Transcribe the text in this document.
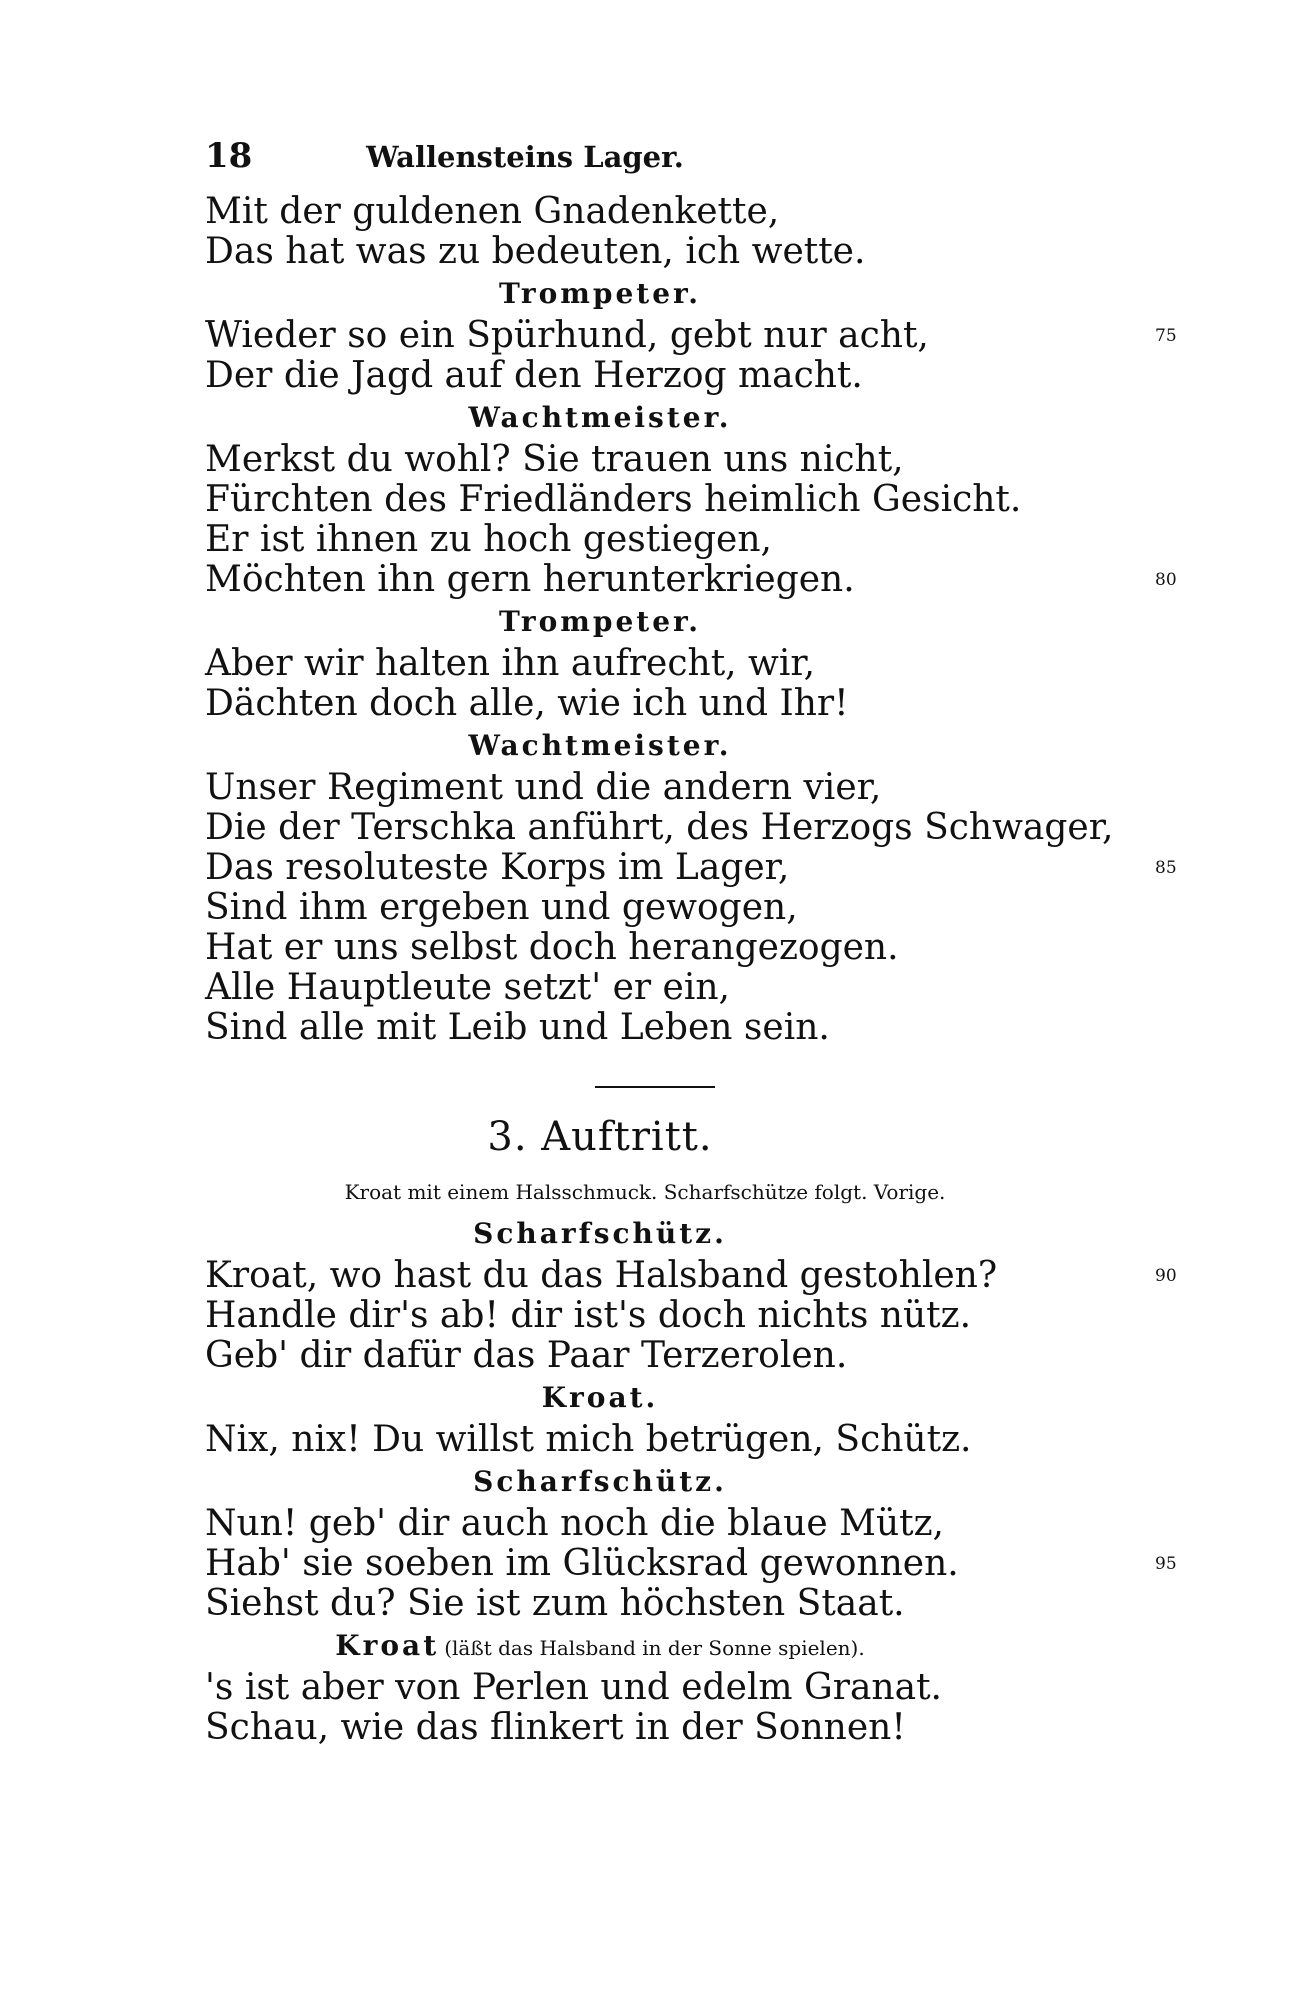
18	Wallensteins Lager.
Mit der guldenen Gnadenkette,
Das hat was zu bedeuten, ich wette.
Trompeter.
Wieder so ein Spürhund, gebt nur acht,	75
Der die Jagd auf den Herzog macht.
Wachtmeister.
Merkst du wohl? Sie trauen uns nicht,
Fürchten des Friedländers heimlich Gesicht.
Er ist ihnen zu hoch gestiegen,
Möchten ihn gern herunterkriegen.	80
Trompeter.
Aber wir halten ihn aufrecht, wir,
Dächten doch alle, wie ich und Ihr!
Wachtmeister.
Unser Regiment und die andern vier,
Die der Terschka anführt, des Herzogs Schwager,
Das resoluteste Korps im Lager,	85
Sind ihm ergeben und gewogen,
Hat er uns selbst doch herangezogen.
Alle Hauptleute setzt' er ein,
Sind alle mit Leib und Leben sein.
3. Auftritt.
Kroat mit einem Halsschmuck. Scharfschütze folgt. Vorige.
Scharfschütz.
Kroat, wo hast du das Halsband gestohlen?	90
Handle dir's ab! dir ist's doch nichts nütz.
Geb' dir dafür das Paar Terzerolen.
Kroat.
Nix, nix! Du willst mich betrügen, Schütz.
Scharfschütz.
Nun! geb' dir auch noch die blaue Mütz,
Hab' sie soeben im Glücksrad gewonnen.	95
Siehst du? Sie ist zum höchsten Staat.
Kroat (läßt das Halsband in der Sonne spielen).
's ist aber von Perlen und edelm Granat.
Schau, wie das flinkert in der Sonnen!
